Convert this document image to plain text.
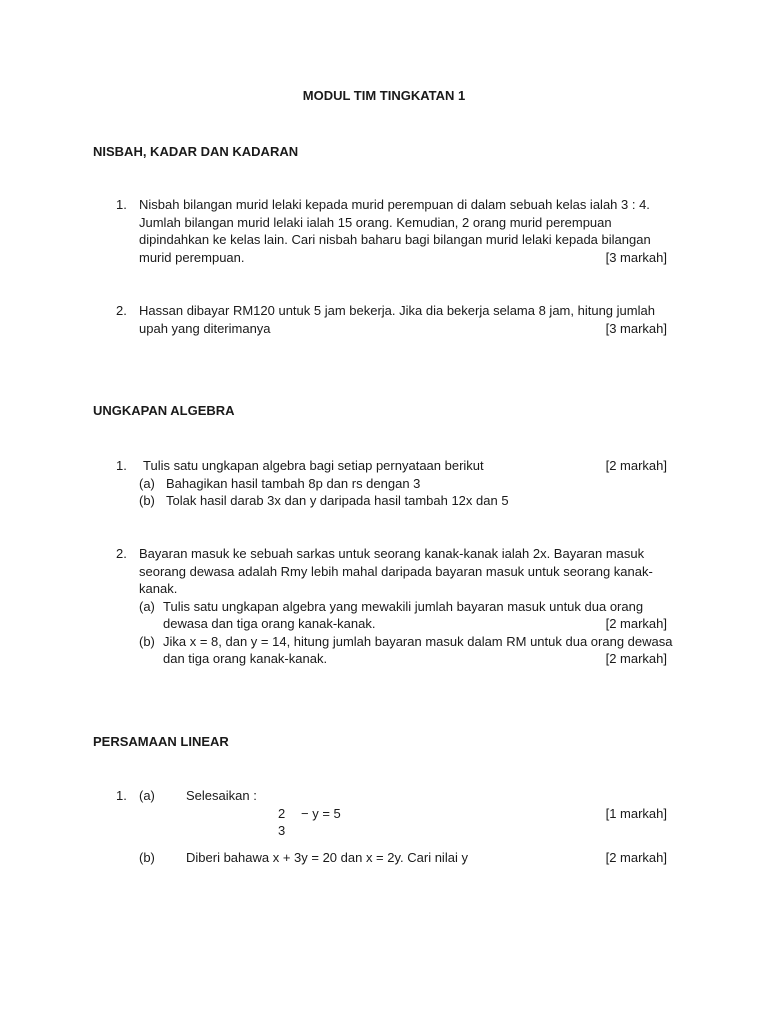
MODUL TIM TINGKATAN 1
NISBAH, KADAR DAN KADARAN
1. Nisbah bilangan murid lelaki kepada murid perempuan di dalam sebuah kelas ialah 3 : 4.
Jumlah bilangan murid lelaki ialah 15 orang. Kemudian, 2 orang murid perempuan
dipindahkan ke kelas lain. Cari nisbah baharu bagi bilangan murid lelaki kepada bilangan
murid perempuan.	[3 markah]
2. Hassan dibayar RM120 untuk 5 jam bekerja. Jika dia bekerja selama 8 jam, hitung jumlah
upah yang diterimanya	[3 markah]
UNGKAPAN ALGEBRA
1.	Tulis satu ungkapan algebra bagi setiap pernyataan berikut	[2 markah]
(a) Bahagikan hasil tambah 8p dan rs dengan 3
(b) Tolak hasil darab 3x dan y daripada hasil tambah 12x dan 5
2. Bayaran masuk ke sebuah sarkas untuk seorang kanak-kanak ialah 2x. Bayaran masuk
seorang dewasa adalah Rmy lebih mahal daripada bayaran masuk untuk seorang kanak-
kanak.
(a) Tulis satu ungkapan algebra yang mewakili jumlah bayaran masuk untuk dua orang
dewasa dan tiga orang kanak-kanak.	[2 markah]
(b) Jika x = 8, dan y = 14, hitung jumlah bayaran masuk dalam RM untuk dua orang dewasa
dan tiga orang kanak-kanak.	[2 markah]
PERSAMAAN LINEAR
1. (a) Selesaikan :
2 − y = 5
3
[1 markah]
(b) Diberi bahawa x + 3y = 20 dan x = 2y. Cari nilai y	[2 markah]
